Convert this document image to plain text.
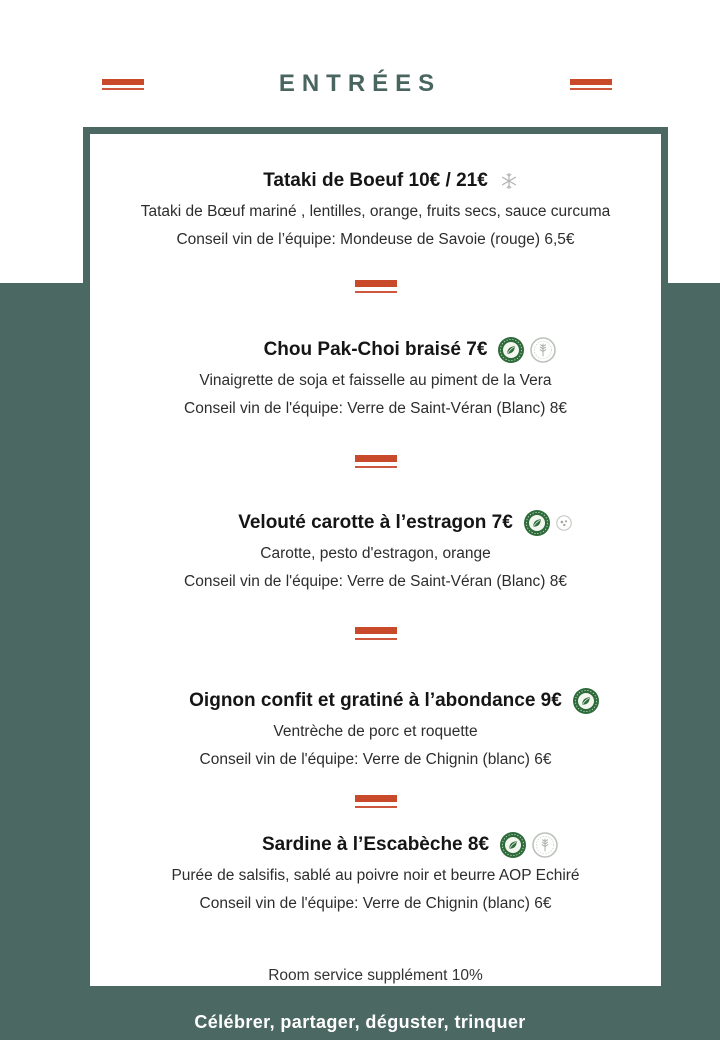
ENTRÉES
Tataki de Boeuf 10€ / 21€
Tataki de Bœuf mariné , lentilles, orange, fruits secs, sauce curcuma
Conseil vin de l’équipe: Mondeuse de Savoie (rouge) 6,5€
Chou Pak-Choi braisé 7€
Vinaigrette de soja et faisselle au piment de la Vera
Conseil vin de l'équipe: Verre de Saint-Véran (Blanc) 8€
Velouté carotte à l’estragon 7€
Carotte, pesto d'estragon, orange
Conseil vin de l'équipe: Verre de Saint-Véran (Blanc) 8€
Oignon confit et gratiné à l’abondance 9€
Ventrèche de porc et roquette
Conseil vin de l'équipe: Verre de Chignin (blanc) 6€
Sardine à l’Escabèche 8€
Purée de salsifis, sablé au poivre noir et beurre AOP Echiré
Conseil vin de l'équipe: Verre de Chignin (blanc) 6€
Room service supplément 10%
Célébrer, partager, déguster, trinquer
